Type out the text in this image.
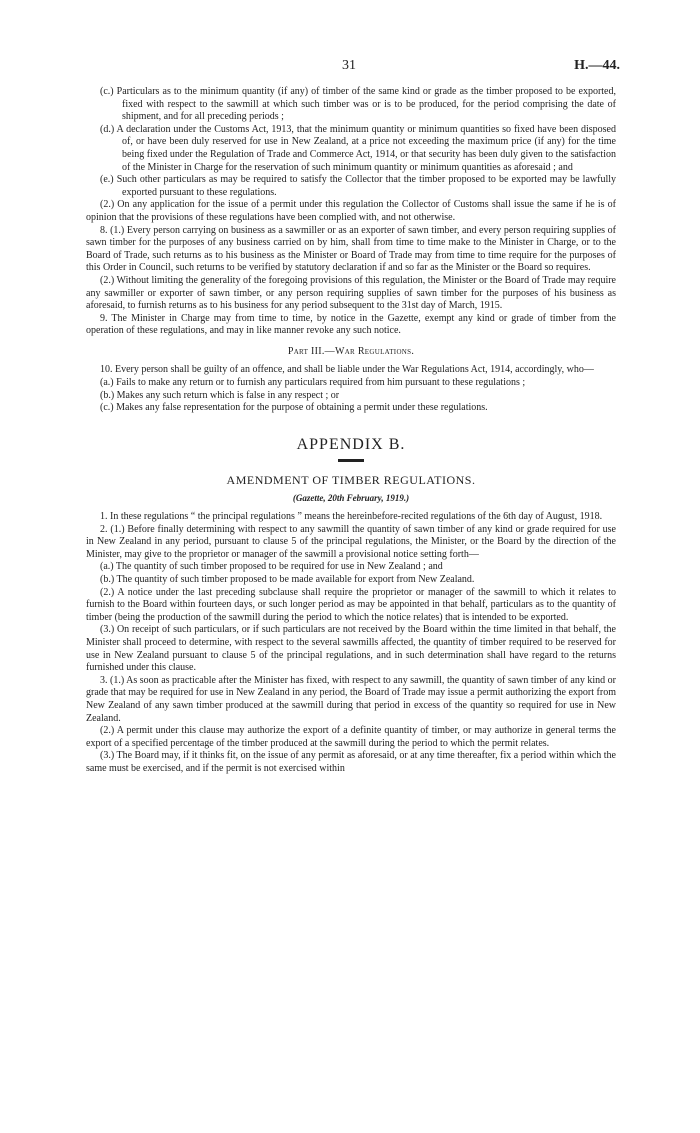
31	H.—44.

(c.) Particulars as to the minimum quantity (if any) of timber of the same kind or grade as the timber proposed to be exported, fixed with respect to the sawmill at which such timber was or is to be produced, for the period comprising the date of shipment, and for all preceding periods ;

(d.) A declaration under the Customs Act, 1913, that the minimum quantity or minimum quantities so fixed have been disposed of, or have been duly reserved for use in New Zealand, at a price not exceeding the maximum price (if any) for the time being fixed under the Regulation of Trade and Commerce Act, 1914, or that security has been duly given to the satisfaction of the Minister in Charge for the reservation of such minimum quantity or minimum quantities as aforesaid ; and

(e.) Such other particulars as may be required to satisfy the Collector that the timber proposed to be exported may be lawfully exported pursuant to these regulations.

(2.) On any application for the issue of a permit under this regulation the Collector of Customs shall issue the same if he is of opinion that the provisions of these regulations have been complied with, and not otherwise.

8. (1.) Every person carrying on business as a sawmiller or as an exporter of sawn timber, and every person requiring supplies of sawn timber for the purposes of any business carried on by him, shall from time to time make to the Minister in Charge, or to the Board of Trade, such returns as to his business as the Minister or Board of Trade may from time to time require for the purposes of this Order in Council, such returns to be verified by statutory declaration if and so far as the Minister or the Board so requires.

(2.) Without limiting the generality of the foregoing provisions of this regulation, the Minister or the Board of Trade may require any sawmiller or exporter of sawn timber, or any person requiring supplies of sawn timber for the purposes of his business as aforesaid, to furnish returns as to his business for any period subsequent to the 31st day of March, 1915.

9. The Minister in Charge may from time to time, by notice in the Gazette, exempt any kind or grade of timber from the operation of these regulations, and may in like manner revoke any such notice.

Part III.—War Regulations.

10. Every person shall be guilty of an offence, and shall be liable under the War Regulations Act, 1914, accordingly, who—

(a.) Fails to make any return or to furnish any particulars required from him pursuant to these regulations ;

(b.) Makes any such return which is false in any respect ; or

(c.) Makes any false representation for the purpose of obtaining a permit under these regulations.

APPENDIX B.

AMENDMENT OF TIMBER REGULATIONS.

(Gazette, 20th February, 1919.)

1. In these regulations “ the principal regulations ” means the hereinbefore-recited regulations of the 6th day of August, 1918.

2. (1.) Before finally determining with respect to any sawmill the quantity of sawn timber of any kind or grade required for use in New Zealand in any period, pursuant to clause 5 of the principal regulations, the Minister, or the Board by the direction of the Minister, may give to the proprietor or manager of the sawmill a provisional notice setting forth—

(a.) The quantity of such timber proposed to be required for use in New Zealand ; and

(b.) The quantity of such timber proposed to be made available for export from New Zealand.

(2.) A notice under the last preceding subclause shall require the proprietor or manager of the sawmill to which it relates to furnish to the Board within fourteen days, or such longer period as may be appointed in that behalf, particulars as to the quantity of timber (being the production of the sawmill during the period to which the notice relates) that is intended to be exported.

(3.) On receipt of such particulars, or if such particulars are not received by the Board within the time limited in that behalf, the Minister shall proceed to determine, with respect to the several sawmills affected, the quantity of timber required to be reserved for use in New Zealand pursuant to clause 5 of the principal regulations, and in such determination shall have regard to the returns furnished under this clause.

3. (1.) As soon as practicable after the Minister has fixed, with respect to any sawmill, the quantity of sawn timber of any kind or grade that may be required for use in New Zealand in any period, the Board of Trade may issue a permit authorizing the export from New Zealand of any sawn timber produced at the sawmill during that period in excess of the quantity so required for use in New Zealand.

(2.) A permit under this clause may authorize the export of a definite quantity of timber, or may authorize in general terms the export of a specified percentage of the timber produced at the sawmill during the period to which the permit relates.

(3.) The Board may, if it thinks fit, on the issue of any permit as aforesaid, or at any time thereafter, fix a period within which the same must be exercised, and if the permit is not exercised within
